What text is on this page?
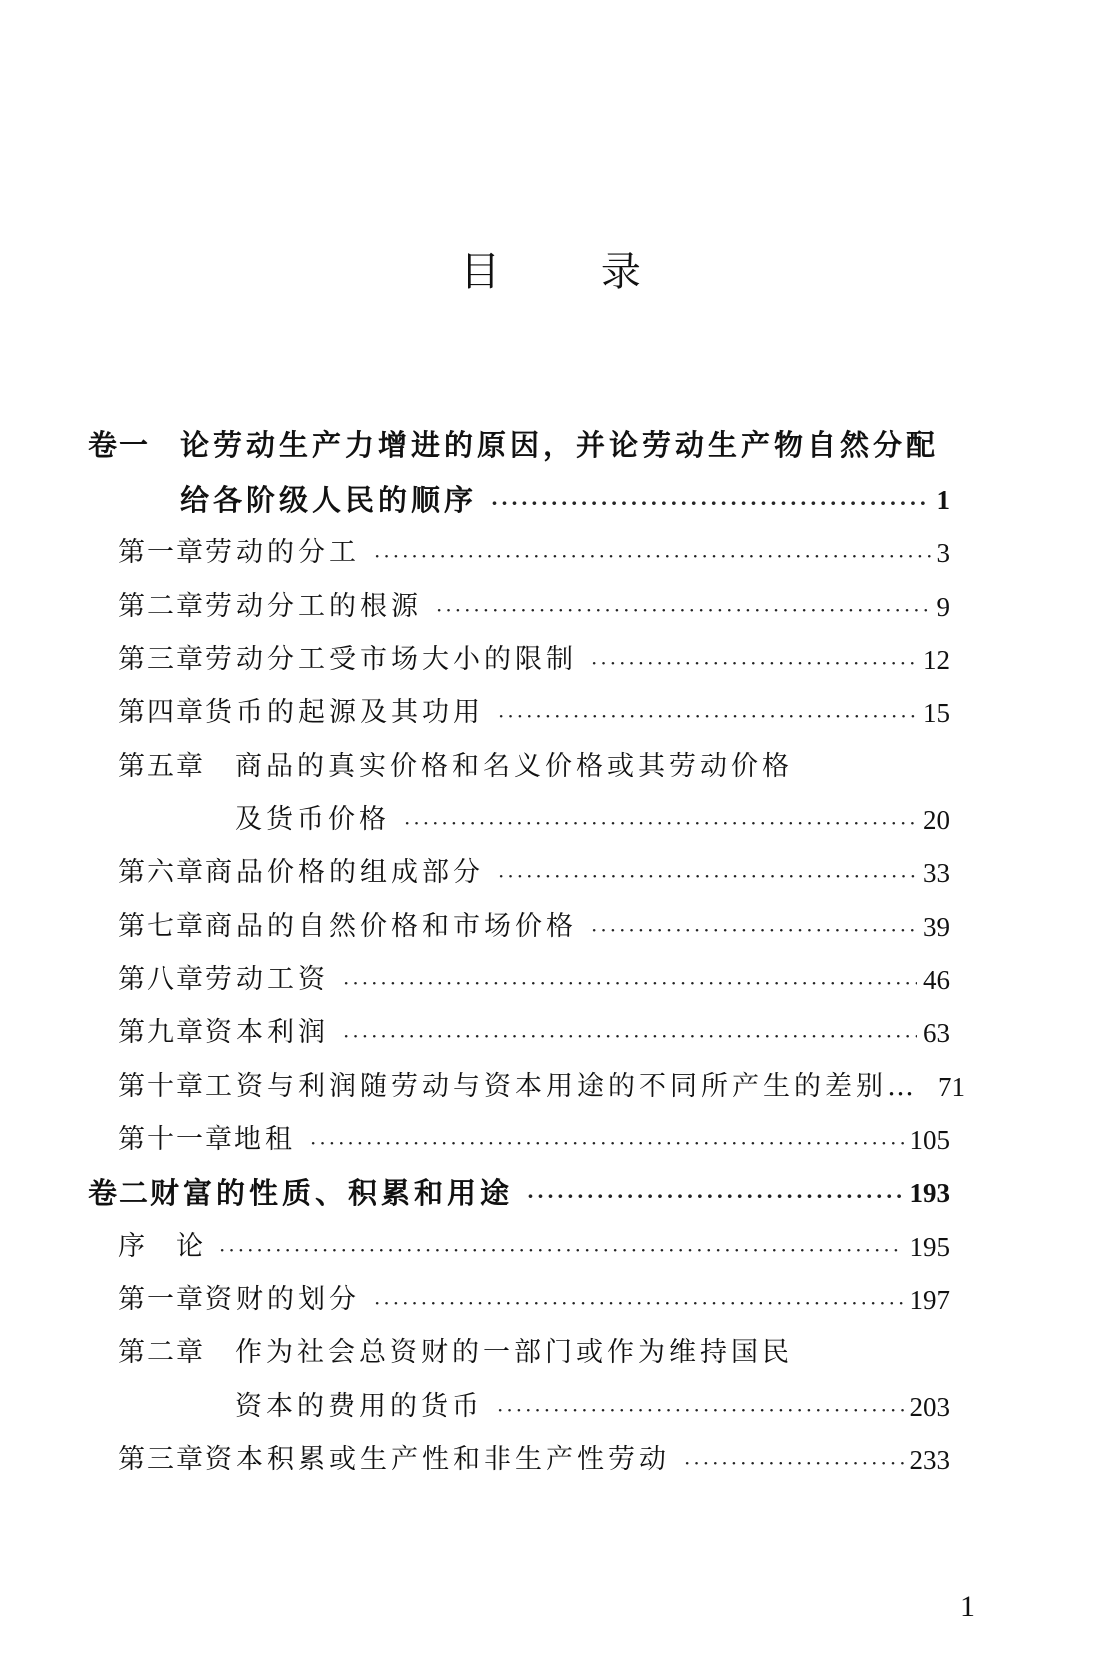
目 录
卷一	论劳动生产力增进的原因，并论劳动生产物自然分配
给各阶级人民的顺序 ·····	1
第一章 劳动的分工 ·····	3
第二章 劳动分工的根源 ·····	9
第三章 劳动分工受市场大小的限制 ·····	12
第四章 货币的起源及其功用 ·····	15
第五章	商品的真实价格和名义价格或其劳动价格
及货币价格 ·····	20
第六章 商品价格的组成部分 ·····	33
第七章 商品的自然价格和市场价格 ·····	39
第八章 劳动工资 ·····	46
第九章 资本利润 ·····	63
第十章 工资与利润随劳动与资本用途的不同所产生的差别… 71
第十一章 地租 ·····	105
卷二 财富的性质、积累和用途 ·····	193
序　论 ·····	195
第一章 资财的划分 ·····	197
第二章	作为社会总资财的一部门或作为维持国民
资本的费用的货币 ·····	203
第三章 资本积累或生产性和非生产性劳动 ·····	233
1
